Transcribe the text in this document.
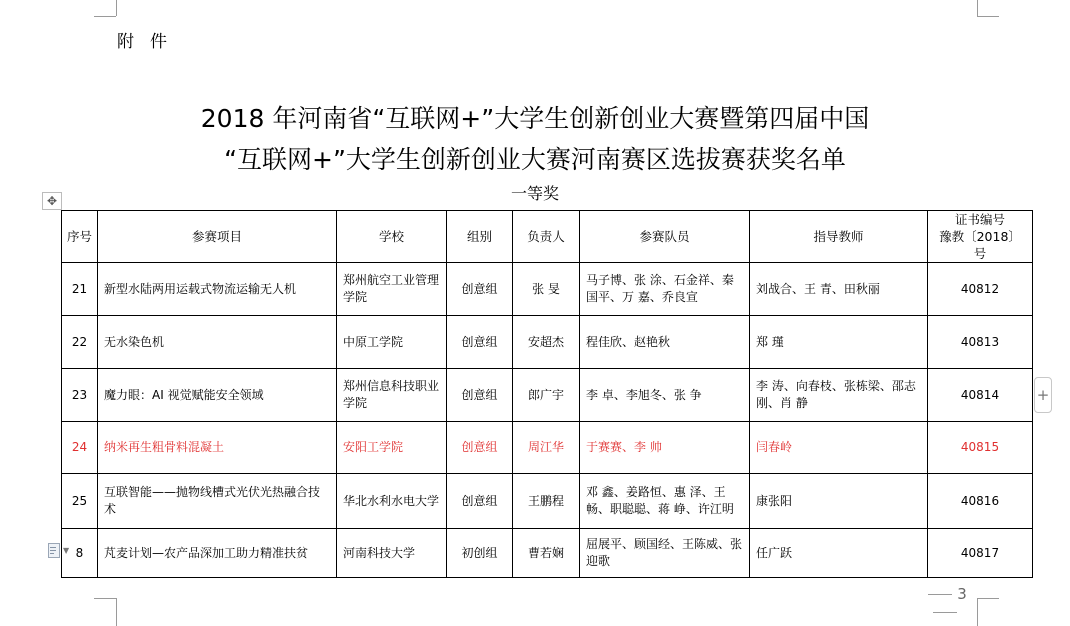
附件
2018 年河南省“互联网+”大学生创新创业大赛暨第四届中国
“互联网+”大学生创新创业大赛河南赛区选拔赛获奖名单
一等奖
✥
+
▼
序号	参赛项目	学校	组别	负责人	参赛队员	指导教师	证书编号
豫教〔2018〕号

21	新型水陆两用运载式物流运输无人机	郑州航空工业管理学院	创意组	张 旻	马子博、张 涂、石金祥、秦国平、万 嘉、乔良宣	刘战合、王 青、田秋丽	40812
22	无水染色机	中原工学院	创意组	安超杰	程佳欣、赵艳秋	郑 瑾	40813
23	魔力眼：AI 视觉赋能安全领域	郑州信息科技职业学院	创意组	郎广宇	李 卓、李旭冬、张 争	李 涛、向春枝、张栋梁、邵志刚、肖 静	40814
24	纳米再生粗骨料混凝土	安阳工学院	创意组	周江华	于赛赛、李 帅	闫春岭	40815
25	互联智能——抛物线槽式光伏光热融合技术	华北水利水电大学	创意组	王鹏程	邓 鑫、姜路恒、惠 泽、王 畅、职聪聪、蒋 峥、许江明	康张阳	40816
8	芃麦计划—农产品深加工助力精准扶贫	河南科技大学	初创组	曹若娴	屈展平、顾国经、王陈威、张迎歌	任广跃	40817
3
